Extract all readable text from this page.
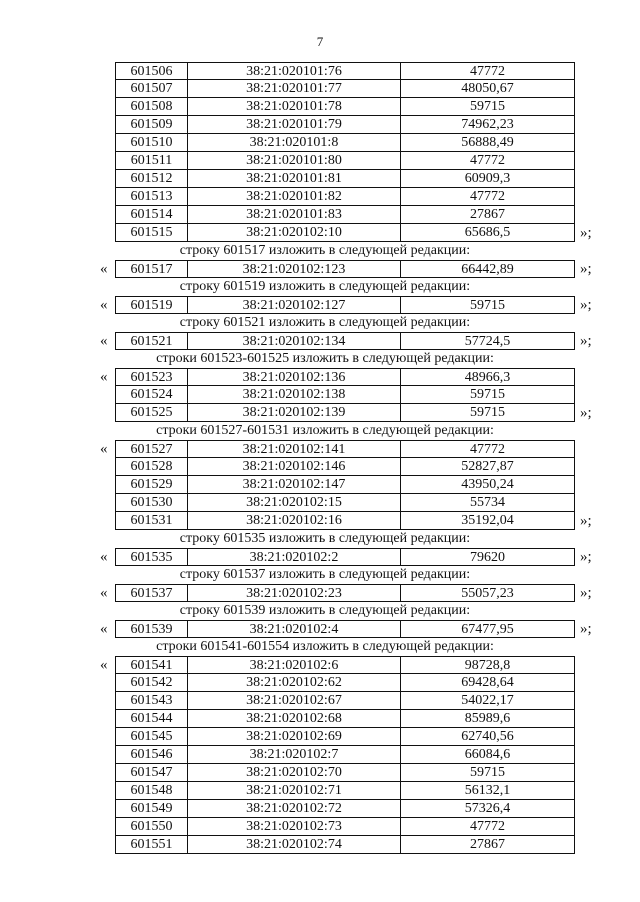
7
601506	38:21:020101:76	47772
601507	38:21:020101:77	48050,67
601508	38:21:020101:78	59715
601509	38:21:020101:79	74962,23
601510	38:21:020101:8	56888,49
601511	38:21:020101:80	47772
601512	38:21:020101:81	60909,3
601513	38:21:020101:82	47772
601514	38:21:020101:83	27867
601515	38:21:020102:10	65686,5	»;
строку 601517 изложить в следующей редакции:
«	601517	38:21:020102:123	66442,89	»;
строку 601519 изложить в следующей редакции:
«	601519	38:21:020102:127	59715	»;
строку 601521 изложить в следующей редакции:
«	601521	38:21:020102:134	57724,5	»;
строки 601523-601525 изложить в следующей редакции:
«	601523	38:21:020102:136	48966,3
601524	38:21:020102:138	59715
601525	38:21:020102:139	59715	»;
строки 601527-601531 изложить в следующей редакции:
«	601527	38:21:020102:141	47772
601528	38:21:020102:146	52827,87
601529	38:21:020102:147	43950,24
601530	38:21:020102:15	55734
601531	38:21:020102:16	35192,04	»;
строку 601535 изложить в следующей редакции:
«	601535	38:21:020102:2	79620	»;
строку 601537 изложить в следующей редакции:
«	601537	38:21:020102:23	55057,23	»;
строку 601539 изложить в следующей редакции:
«	601539	38:21:020102:4	67477,95	»;
строки 601541-601554 изложить в следующей редакции:
«	601541	38:21:020102:6	98728,8
601542	38:21:020102:62	69428,64
601543	38:21:020102:67	54022,17
601544	38:21:020102:68	85989,6
601545	38:21:020102:69	62740,56
601546	38:21:020102:7	66084,6
601547	38:21:020102:70	59715
601548	38:21:020102:71	56132,1
601549	38:21:020102:72	57326,4
601550	38:21:020102:73	47772
601551	38:21:020102:74	27867
